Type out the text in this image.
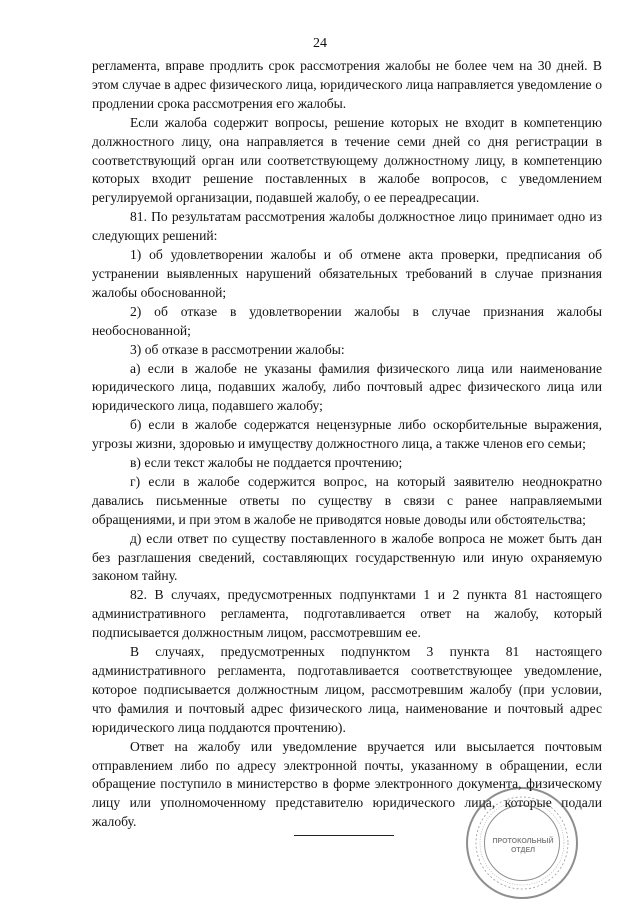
24

регламента, вправе продлить срок рассмотрения жалобы не более чем на 30 дней. В этом случае в адрес физического лица, юридического лица направляется уведомление о продлении срока рассмотрения его жалобы.

Если жалоба содержит вопросы, решение которых не входит в компетенцию должностного лицу, она направляется в течение семи дней со дня регистрации в соответствующий орган или соответствующему должностному лицу, в компетенцию которых входит решение поставленных в жалобе вопросов, с уведомлением регулируемой организации, подавшей жалобу, о ее переадресации.

81. По результатам рассмотрения жалобы должностное лицо принимает одно из следующих решений:

1) об удовлетворении жалобы и об отмене акта проверки, предписания об устранении выявленных нарушений обязательных требований в случае признания жалобы обоснованной;

2) об отказе в удовлетворении жалобы в случае признания жалобы необоснованной;

3) об отказе в рассмотрении жалобы:

а) если в жалобе не указаны фамилия физического лица или наименование юридического лица, подавших жалобу, либо почтовый адрес физического лица или юридического лица, подавшего жалобу;

б) если в жалобе содержатся нецензурные либо оскорбительные выражения, угрозы жизни, здоровью и имуществу должностного лица, а также членов его семьи;

в) если текст жалобы не поддается прочтению;

г) если в жалобе содержится вопрос, на который заявителю неоднократно давались письменные ответы по существу в связи с ранее направляемыми обращениями, и при этом в жалобе не приводятся новые доводы или обстоятельства;

д) если ответ по существу поставленного в жалобе вопроса не может быть дан без разглашения сведений, составляющих государственную или иную охраняемую законом тайну.

82. В случаях, предусмотренных подпунктами 1 и 2 пункта 81 настоящего административного регламента, подготавливается ответ на жалобу, который подписывается должностным лицом, рассмотревшим ее.

В случаях, предусмотренных подпунктом 3 пункта 81 настоящего административного регламента, подготавливается соответствующее уведомление, которое подписывается должностным лицом, рассмотревшим жалобу (при условии, что фамилия и почтовый адрес физического лица, наименование и почтовый адрес юридического лица поддаются прочтению).

Ответ на жалобу или уведомление вручается или высылается почтовым отправлением либо по адресу электронной почты, указанному в обращении, если обращение поступило в министерство в форме электронного документа, физическому лицу или уполномоченному представителю юридического лица, которые подали жалобу.

ПРОТОКОЛЬНЫЙ ОТДЕЛ
